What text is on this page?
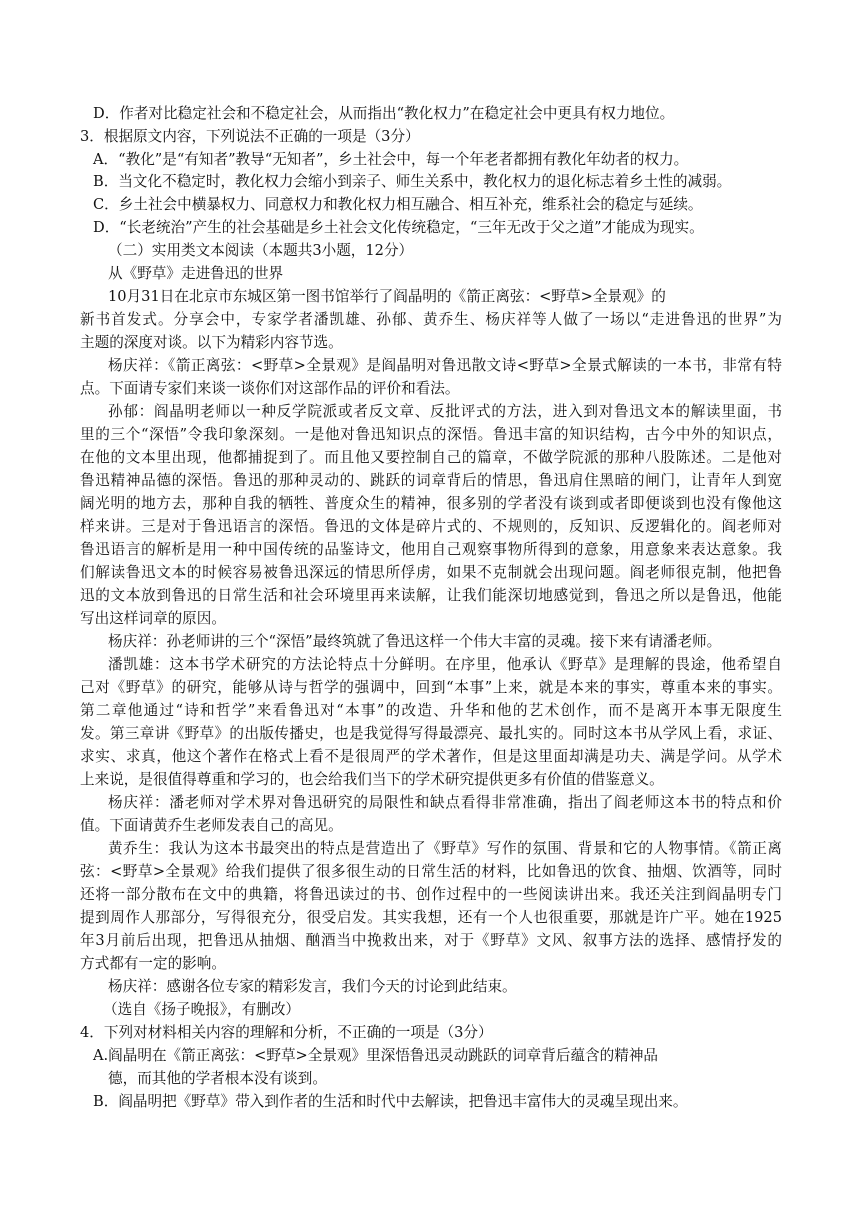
D．作者对比稳定社会和不稳定社会，从而指出“教化权力”在稳定社会中更具有权力地位。
3．根据原文内容，下列说法不正确的一项是（3分）
A．“教化”是“有知者”教导“无知者”，乡土社会中，每一个年老者都拥有教化年幼者的权力。
B．当文化不稳定时，教化权力会缩小到亲子、师生关系中，教化权力的退化标志着乡土性的减弱。
C．乡土社会中横暴权力、同意权力和教化权力相互融合、相互补充，维系社会的稳定与延续。
D．“长老统治”产生的社会基础是乡土社会文化传统稳定，“三年无改于父之道”才能成为现实。
（二）实用类文本阅读（本题共3小题，12分）
从《野草》走进鲁迅的世界
10月31日在北京市东城区第一图书馆举行了阎晶明的《箭正离弦：<野草>全景观》的
新书首发式。分享会中，专家学者潘凯雄、孙郁、黄乔生、杨庆祥等人做了一场以“走进鲁迅的世界”为
主题的深度对谈。以下为精彩内容节选。
杨庆祥：《箭正离弦：<野草>全景观》是阎晶明对鲁迅散文诗<野草>全景式解读的一本书，非常有特
点。下面请专家们来谈一谈你们对这部作品的评价和看法。
孙郁：阎晶明老师以一种反学院派或者反文章、反批评式的方法，进入到对鲁迅文本的解读里面，书
里的三个“深悟”令我印象深刻。一是他对鲁迅知识点的深悟。鲁迅丰富的知识结构，古今中外的知识点，
在他的文本里出现，他都捕捉到了。而且他又要控制自己的篇章，不做学院派的那种八股陈述。二是他对
鲁迅精神品德的深悟。鲁迅的那种灵动的、跳跃的词章背后的情思，鲁迅肩住黑暗的闸门，让青年人到宽
阔光明的地方去，那种自我的牺牲、普度众生的精神，很多别的学者没有谈到或者即便谈到也没有像他这
样来讲。三是对于鲁迅语言的深悟。鲁迅的文体是碎片式的、不规则的，反知识、反逻辑化的。阎老师对
鲁迅语言的解析是用一种中国传统的品鉴诗文，他用自己观察事物所得到的意象，用意象来表达意象。我
们解读鲁迅文本的时候容易被鲁迅深远的情思所俘虏，如果不克制就会出现问题。阎老师很克制，他把鲁
迅的文本放到鲁迅的日常生活和社会环境里再来读解，让我们能深切地感觉到，鲁迅之所以是鲁迅，他能
写出这样词章的原因。
杨庆祥：孙老师讲的三个“深悟”最终筑就了鲁迅这样一个伟大丰富的灵魂。接下来有请潘老师。
潘凯雄：这本书学术研究的方法论特点十分鲜明。在序里，他承认《野草》是理解的畏途，他希望自
己对《野草》的研究，能够从诗与哲学的强调中，回到“本事”上来，就是本来的事实，尊重本来的事实。
第二章他通过“诗和哲学”来看鲁迅对“本事”的改造、升华和他的艺术创作，而不是离开本事无限度生
发。第三章讲《野草》的出版传播史，也是我觉得写得最漂亮、最扎实的。同时这本书从学风上看，求证、
求实、求真，他这个著作在格式上看不是很周严的学术著作，但是这里面却满是功夫、满是学问。从学术
上来说，是很值得尊重和学习的，也会给我们当下的学术研究提供更多有价值的借鉴意义。
杨庆祥：潘老师对学术界对鲁迅研究的局限性和缺点看得非常准确，指出了阎老师这本书的特点和价
值。下面请黄乔生老师发表自己的高见。
黄乔生：我认为这本书最突出的特点是营造出了《野草》写作的氛围、背景和它的人物事情。《箭正离
弦：<野草>全景观》给我们提供了很多很生动的日常生活的材料，比如鲁迅的饮食、抽烟、饮酒等，同时
还将一部分散布在文中的典籍，将鲁迅读过的书、创作过程中的一些阅读讲出来。我还关注到阎晶明专门
提到周作人那部分，写得很充分，很受启发。其实我想，还有一个人也很重要，那就是许广平。她在1925
年3月前后出现，把鲁迅从抽烟、酗酒当中挽救出来，对于《野草》文风、叙事方法的选择、感情抒发的
方式都有一定的影响。
杨庆祥：感谢各位专家的精彩发言，我们今天的讨论到此结束。
（选自《扬子晚报》，有删改）
4．下列对材料相关内容的理解和分析，不正确的一项是（3分）
A.阎晶明在《箭正离弦：<野草>全景观》里深悟鲁迅灵动跳跃的词章背后蕴含的精神品
德，而其他的学者根本没有谈到。
B．阎晶明把《野草》带入到作者的生活和时代中去解读，把鲁迅丰富伟大的灵魂呈现出来。
